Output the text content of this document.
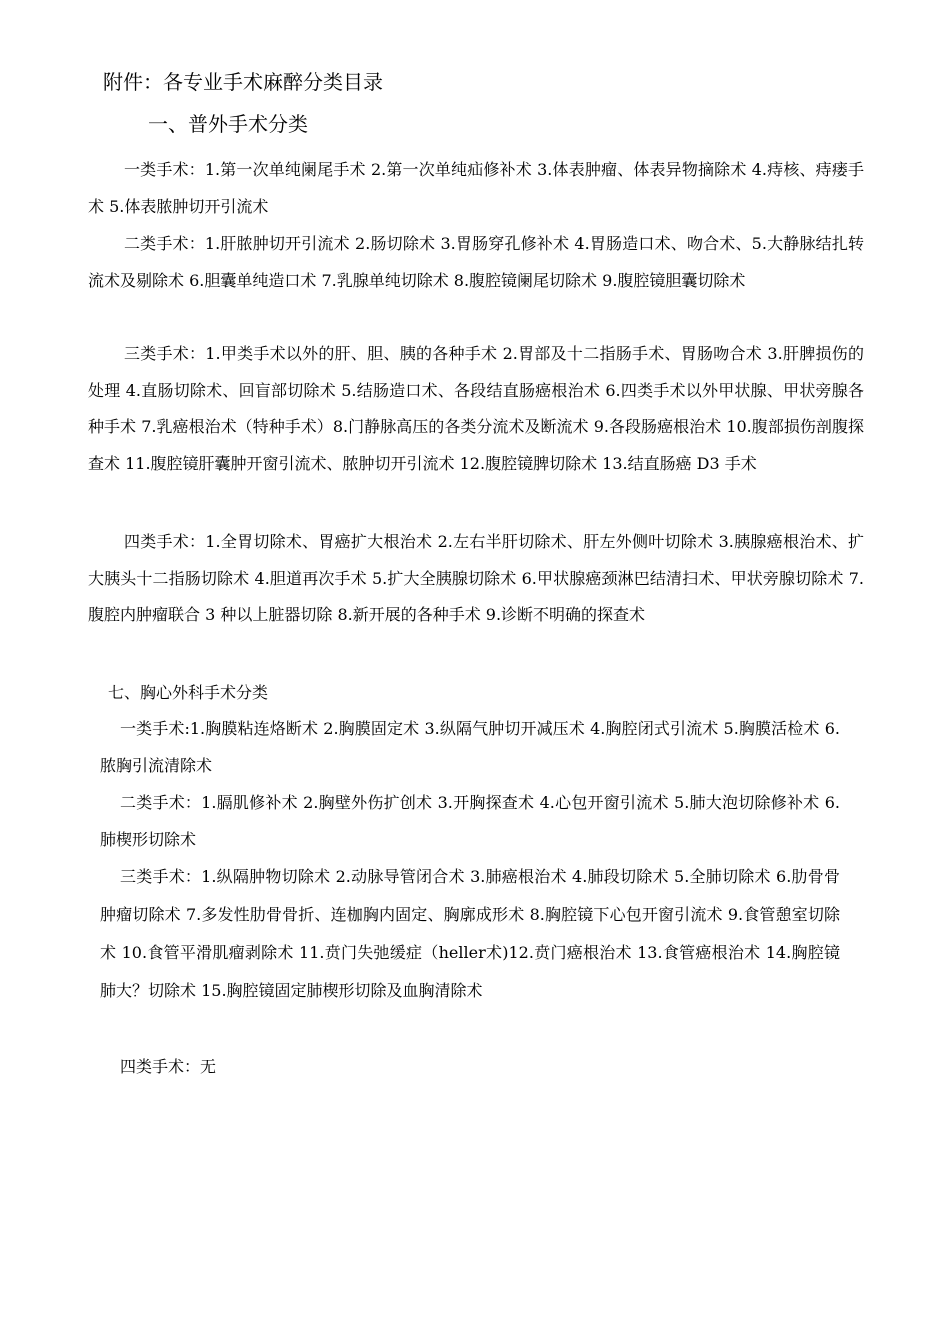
附件：各专业手术麻醉分类目录
一、普外手术分类

一类手术：1.第一次单纯阑尾手术 2.第一次单纯疝修补术 3.体表肿瘤、体表异物摘除术 4.痔核、痔瘘手术 5.体表脓肿切开引流术

二类手术：1.肝脓肿切开引流术 2.肠切除术 3.胃肠穿孔修补术 4.胃肠造口术、吻合术、5.大静脉结扎转流术及剔除术 6.胆囊单纯造口术 7.乳腺单纯切除术 8.腹腔镜阑尾切除术 9.腹腔镜胆囊切除术

三类手术：1.甲类手术以外的肝、胆、胰的各种手术 2.胃部及十二指肠手术、胃肠吻合术 3.肝脾损伤的处理 4.直肠切除术、回盲部切除术 5.结肠造口术、各段结直肠癌根治术 6.四类手术以外甲状腺、甲状旁腺各种手术 7.乳癌根治术（特种手术）8.门静脉高压的各类分流术及断流术 9.各段肠癌根治术 10.腹部损伤剖腹探查术 11.腹腔镜肝囊肿开窗引流术、脓肿切开引流术 12.腹腔镜脾切除术 13.结直肠癌 D3 手术

四类手术：1.全胃切除术、胃癌扩大根治术 2.左右半肝切除术、肝左外侧叶切除术 3.胰腺癌根治术、扩大胰头十二指肠切除术 4.胆道再次手术 5.扩大全胰腺切除术 6.甲状腺癌颈淋巴结清扫术、甲状旁腺切除术 7.腹腔内肿瘤联合 3 种以上脏器切除 8.新开展的各种手术 9.诊断不明确的探查术

七、胸心外科手术分类

一类手术:1.胸膜粘连烙断术 2.胸膜固定术 3.纵隔气肿切开减压术 4.胸腔闭式引流术 5.胸膜活检术 6.脓胸引流清除术

二类手术：1.膈肌修补术 2.胸壁外伤扩创术 3.开胸探查术 4.心包开窗引流术 5.肺大泡切除修补术 6.肺楔形切除术

三类手术：1.纵隔肿物切除术 2.动脉导管闭合术 3.肺癌根治术 4.肺段切除术 5.全肺切除术 6.肋骨骨肿瘤切除术 7.多发性肋骨骨折、连枷胸内固定、胸廓成形术 8.胸腔镜下心包开窗引流术 9.食管憩室切除术 10.食管平滑肌瘤剥除术 11.贲门失弛缓症（heller术)12.贲门癌根治术 13.食管癌根治术 14.胸腔镜肺大？切除术 15.胸腔镜固定肺楔形切除及血胸清除术

四类手术：无
